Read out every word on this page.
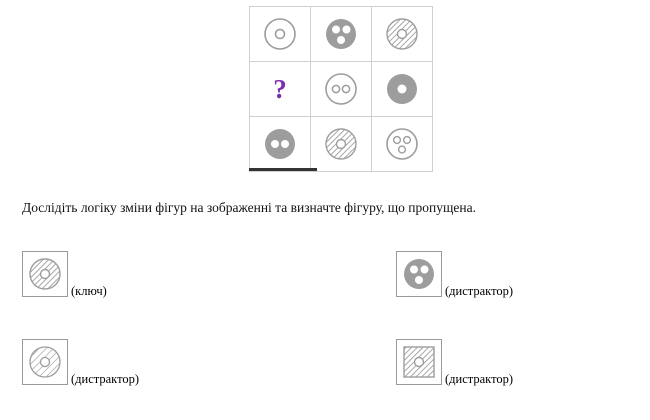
?

Дослідіть логіку зміни фігур на зображенні та визначте фігуру, що пропущена.
(ключ)	(дистрактор)
(дистрактор)	(дистрактор)
